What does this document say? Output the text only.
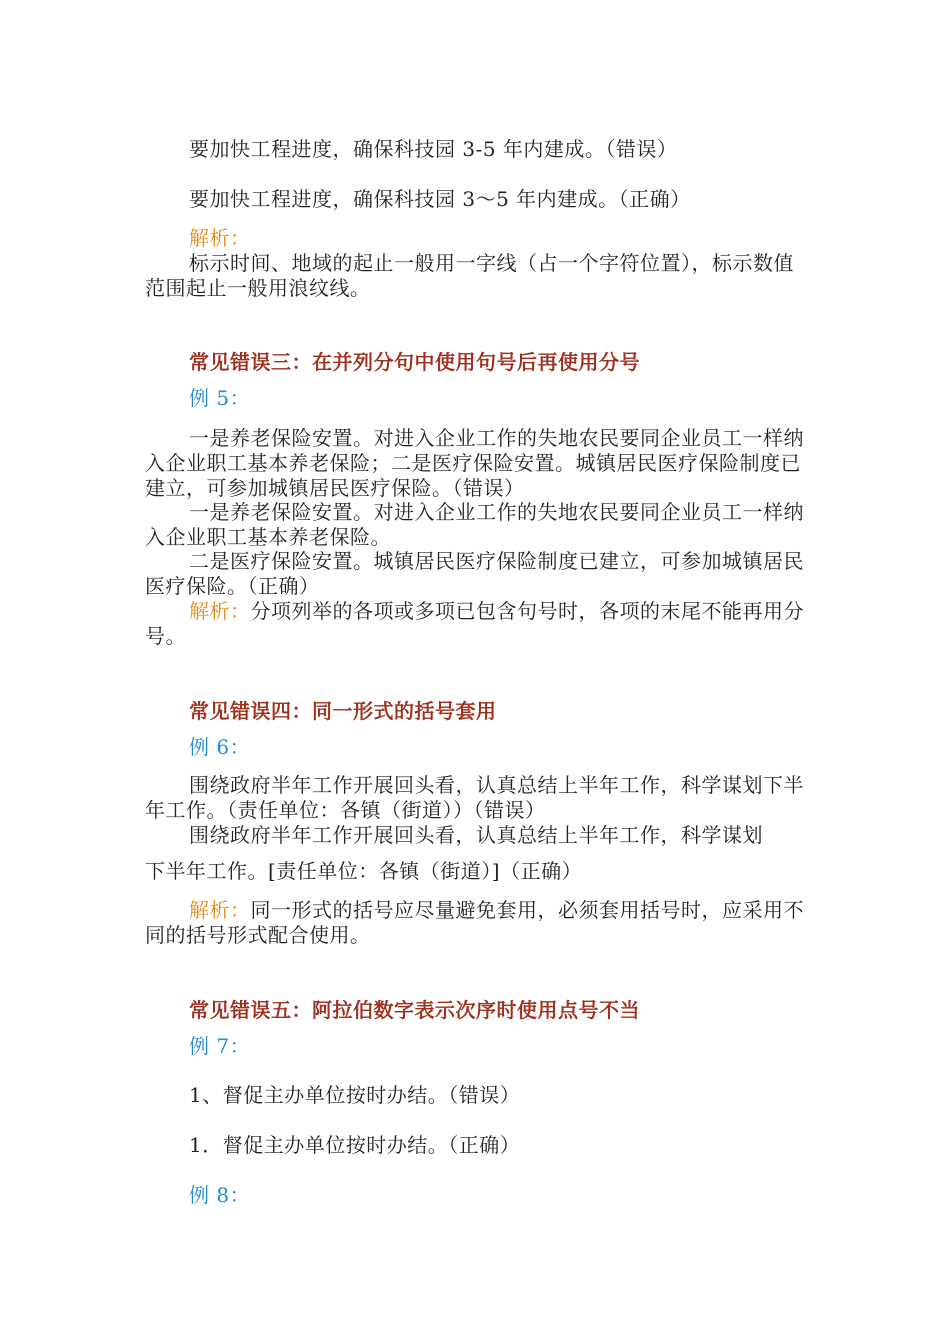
要加快工程进度，确保科技园 3-5 年内建成。（错误）

要加快工程进度，确保科技园 3～5 年内建成。（正确）

解析：

标示时间、地域的起止一般用一字线（占一个字符位置），标示数值范围起止一般用浪纹线。

常见错误三：在并列分句中使用句号后再使用分号

例 5：

一是养老保险安置。对进入企业工作的失地农民要同企业员工一样纳入企业职工基本养老保险；二是医疗保险安置。城镇居民医疗保险制度已建立，可参加城镇居民医疗保险。（错误）

一是养老保险安置。对进入企业工作的失地农民要同企业员工一样纳入企业职工基本养老保险。

二是医疗保险安置。城镇居民医疗保险制度已建立，可参加城镇居民医疗保险。（正确）

解析：分项列举的各项或多项已包含句号时，各项的末尾不能再用分号。

常见错误四：同一形式的括号套用

例 6：

围绕政府半年工作开展回头看，认真总结上半年工作，科学谋划下半年工作。（责任单位：各镇（街道））（错误）

围绕政府半年工作开展回头看，认真总结上半年工作，科学谋划

下半年工作。[责任单位：各镇（街道）]（正确）

解析：同一形式的括号应尽量避免套用，必须套用括号时，应采用不同的括号形式配合使用。

常见错误五：阿拉伯数字表示次序时使用点号不当

例 7：

1、督促主办单位按时办结。（错误）

1．督促主办单位按时办结。（正确）

例 8：
